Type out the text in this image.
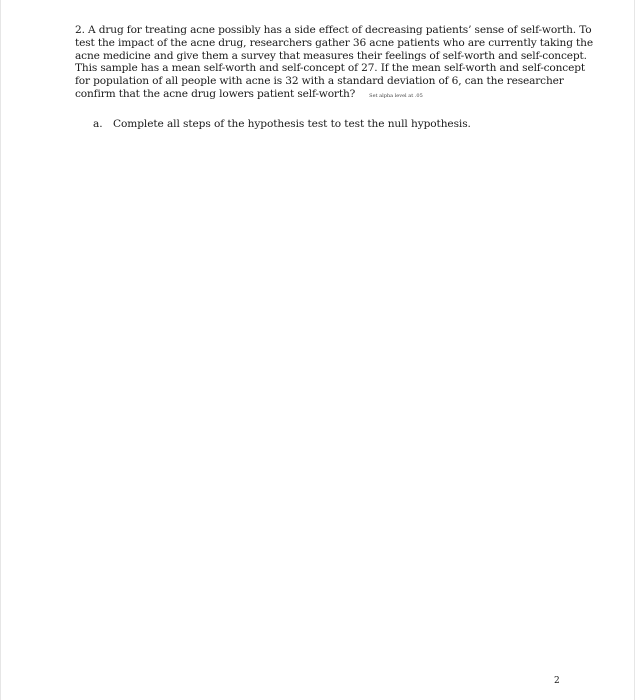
2. A drug for treating acne possibly has a side effect of decreasing patients’ sense of self-worth. To
test the impact of the acne drug, researchers gather 36 acne patients who are currently taking the
acne medicine and give them a survey that measures their feelings of self-worth and self-concept.
This sample has a mean self-worth and self-concept of 27. If the mean self-worth and self-concept
for population of all people with acne is 32 with a standard deviation of 6, can the researcher
confirm that the acne drug lowers patient self-worth?	Set alpha level at .05

a. Complete all steps of the hypothesis test to test the null hypothesis.

2
